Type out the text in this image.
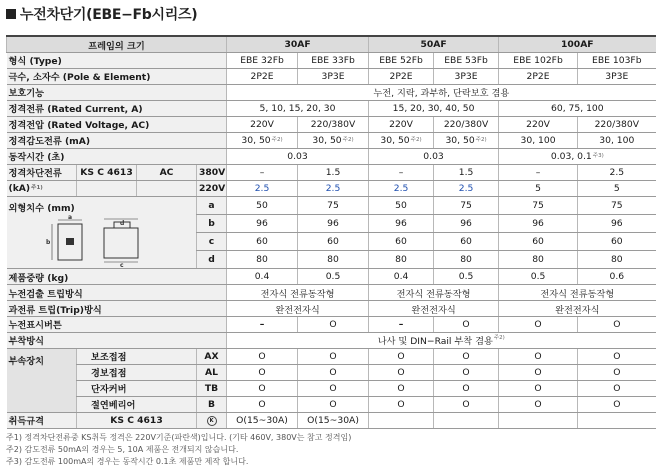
누전차단기(EBE−Fb시리즈)
프레임의 크기				30AF		50AF		100AF	
형식 (Type)				EBE 32Fb	EBE 33Fb	EBE 52Fb	EBE 53Fb	EBE 102Fb	EBE 103Fb
극수, 소자수 (Pole & Element)				2P2E	3P3E	2P2E	3P3E	2P2E	3P3E
보호기능				누전, 지락, 과부하, 단락보호 겸용					
정격전류 (Rated Current, A)				5, 10, 15, 20, 30		15, 20, 30, 40, 50		60, 75, 100	
정격전압 (Rated Voltage, AC)				220V	220/380V	220V	220/380V	220V	220/380V
정격감도전류 (mA)				30, $50^{주2)}$	30, $50^{주2)}$	30, $50^{주2)}$	30, $50^{주2)}$	30, 100	30, 100
동작시간 (초)				0.03		0.03		0.03, $0.1^{주3)}$
정격차단전류	KS C 4613	AC	380V	–	1.5	–	1.5	–	2.5
(kA)$^{주1)}$			220V	2.5	2.5	2.5	2.5	5	5
외형치수 (mm)
a
b
d
c			a	50	75	50	75	75	75
			b	96	96	96	96	96	96
			c	60	60	60	60	60	60
			d	80	80	80	80	80	80
제품중량 (kg)				0.4	0.5	0.4	0.5	0.5	0.6
누전검출 트립방식				전자식 전류동작형		전자식 전류동작형		전자식 전류동작형	
과전류 트립(Trip)방식				완전전자식		완전전자식		완전전자식	
누전표시버튼				–	O	–	O	O	O
부착방식				나사 및 DIN−Rail 부착 겸용$^{주2)}$
부속장치	보조접점		AX	O	O	O	O	O	O
	경보접점		AL	O	O	O	O	O	O
	단자커버		TB	O	O	O	O	O	O
	절연베리어		B	O	O	O	O	O	O
취득규격	KS C 4613		K	O(15~30A)	O(15~30A)				
주1) 정격차단전류중 KS취득 정격은 220V기준(파란색)입니다. (기타 460V, 380V는 참고 정격임)
주2) 감도전류 50mA의 경우는 5, 10A 제품은 전개되지 않습니다.
주3) 감도전류 100mA의 경우는 동작시간 0.1초 제품만 제작 합니다.
